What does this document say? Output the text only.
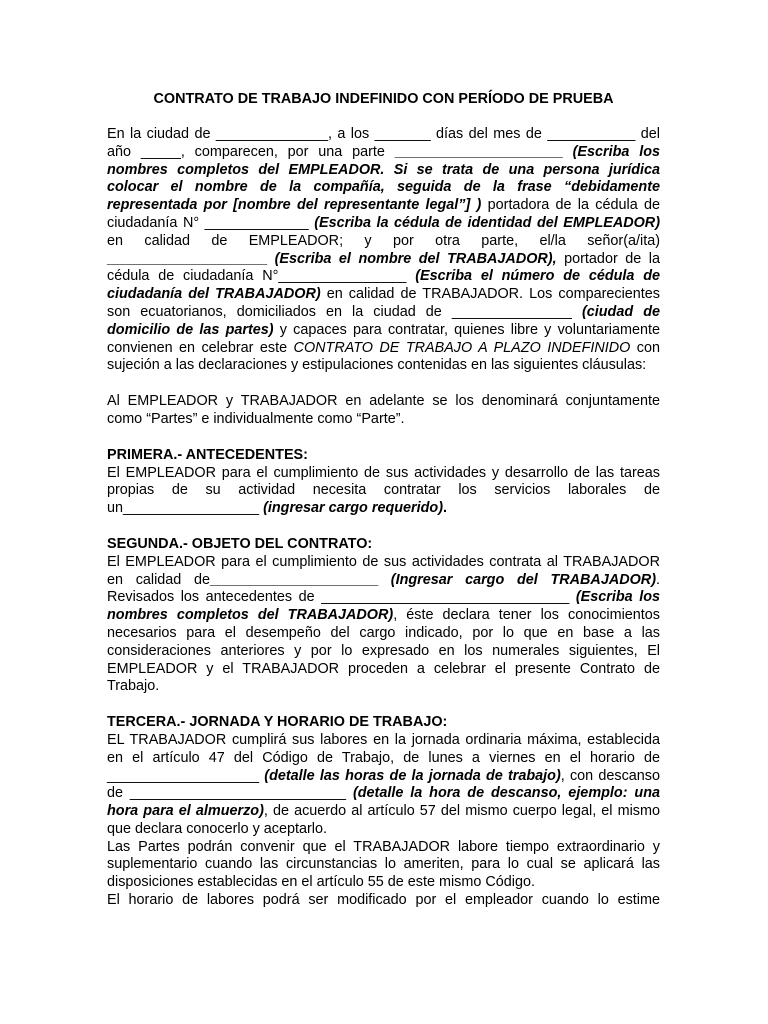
CONTRATO DE TRABAJO INDEFINIDO CON PERÍODO DE PRUEBA

En la ciudad de ______________, a los _______ días del mes de ___________ del año _____, comparecen, por una parte _____________________ (Escriba los nombres completos del EMPLEADOR. Si se trata de una persona jurídica colocar el nombre de la compañía, seguida de la frase “debidamente representada por [nombre del representante legal”] ) portadora de la cédula de ciudadanía N° _____________ (Escriba la cédula de identidad del EMPLEADOR) en calidad de EMPLEADOR; y por otra parte, el/la señor(a/ita) ____________________ (Escriba el nombre del TRABAJADOR), portador de la cédula de ciudadanía N°________________ (Escriba el número de cédula de ciudadanía del TRABAJADOR) en calidad de TRABAJADOR. Los comparecientes son ecuatorianos, domiciliados en la ciudad de _______________ (ciudad de domicilio de las partes) y capaces para contratar, quienes libre y voluntariamente convienen en celebrar este CONTRATO DE TRABAJO A PLAZO INDEFINIDO con sujeción a las declaraciones y estipulaciones contenidas en las siguientes cláusulas:

Al EMPLEADOR y TRABAJADOR en adelante se los denominará conjuntamente como “Partes” e individualmente como “Parte”.

PRIMERA.- ANTECEDENTES:

El EMPLEADOR para el cumplimiento de sus actividades y desarrollo de las tareas propias de su actividad necesita contratar los servicios laborales de un_________________ (ingresar cargo requerido).

SEGUNDA.- OBJETO DEL CONTRATO:

El EMPLEADOR para el cumplimiento de sus actividades contrata al TRABAJADOR en calidad de_____________________ (Ingresar cargo del TRABAJADOR). Revisados los antecedentes de _______________________________ (Escriba los nombres completos del TRABAJADOR), éste declara tener los conocimientos necesarios para el desempeño del cargo indicado, por lo que en base a las consideraciones anteriores y por lo expresado en los numerales siguientes, El EMPLEADOR y el TRABAJADOR proceden a celebrar el presente Contrato de Trabajo.

TERCERA.- JORNADA Y HORARIO DE TRABAJO:

EL TRABAJADOR cumplirá sus labores en la jornada ordinaria máxima, establecida en el artículo 47 del Código de Trabajo, de lunes a viernes en el horario de ___________________ (detalle las horas de la jornada de trabajo), con descanso de ___________________________ (detalle la hora de descanso, ejemplo: una hora para el almuerzo), de acuerdo al artículo 57 del mismo cuerpo legal, el mismo que declara conocerlo y aceptarlo.

Las Partes podrán convenir que el TRABAJADOR labore tiempo extraordinario y suplementario cuando las circunstancias lo ameriten, para lo cual se aplicará las disposiciones establecidas en el artículo 55 de este mismo Código.

El horario de labores podrá ser modificado por el empleador cuando lo estime
